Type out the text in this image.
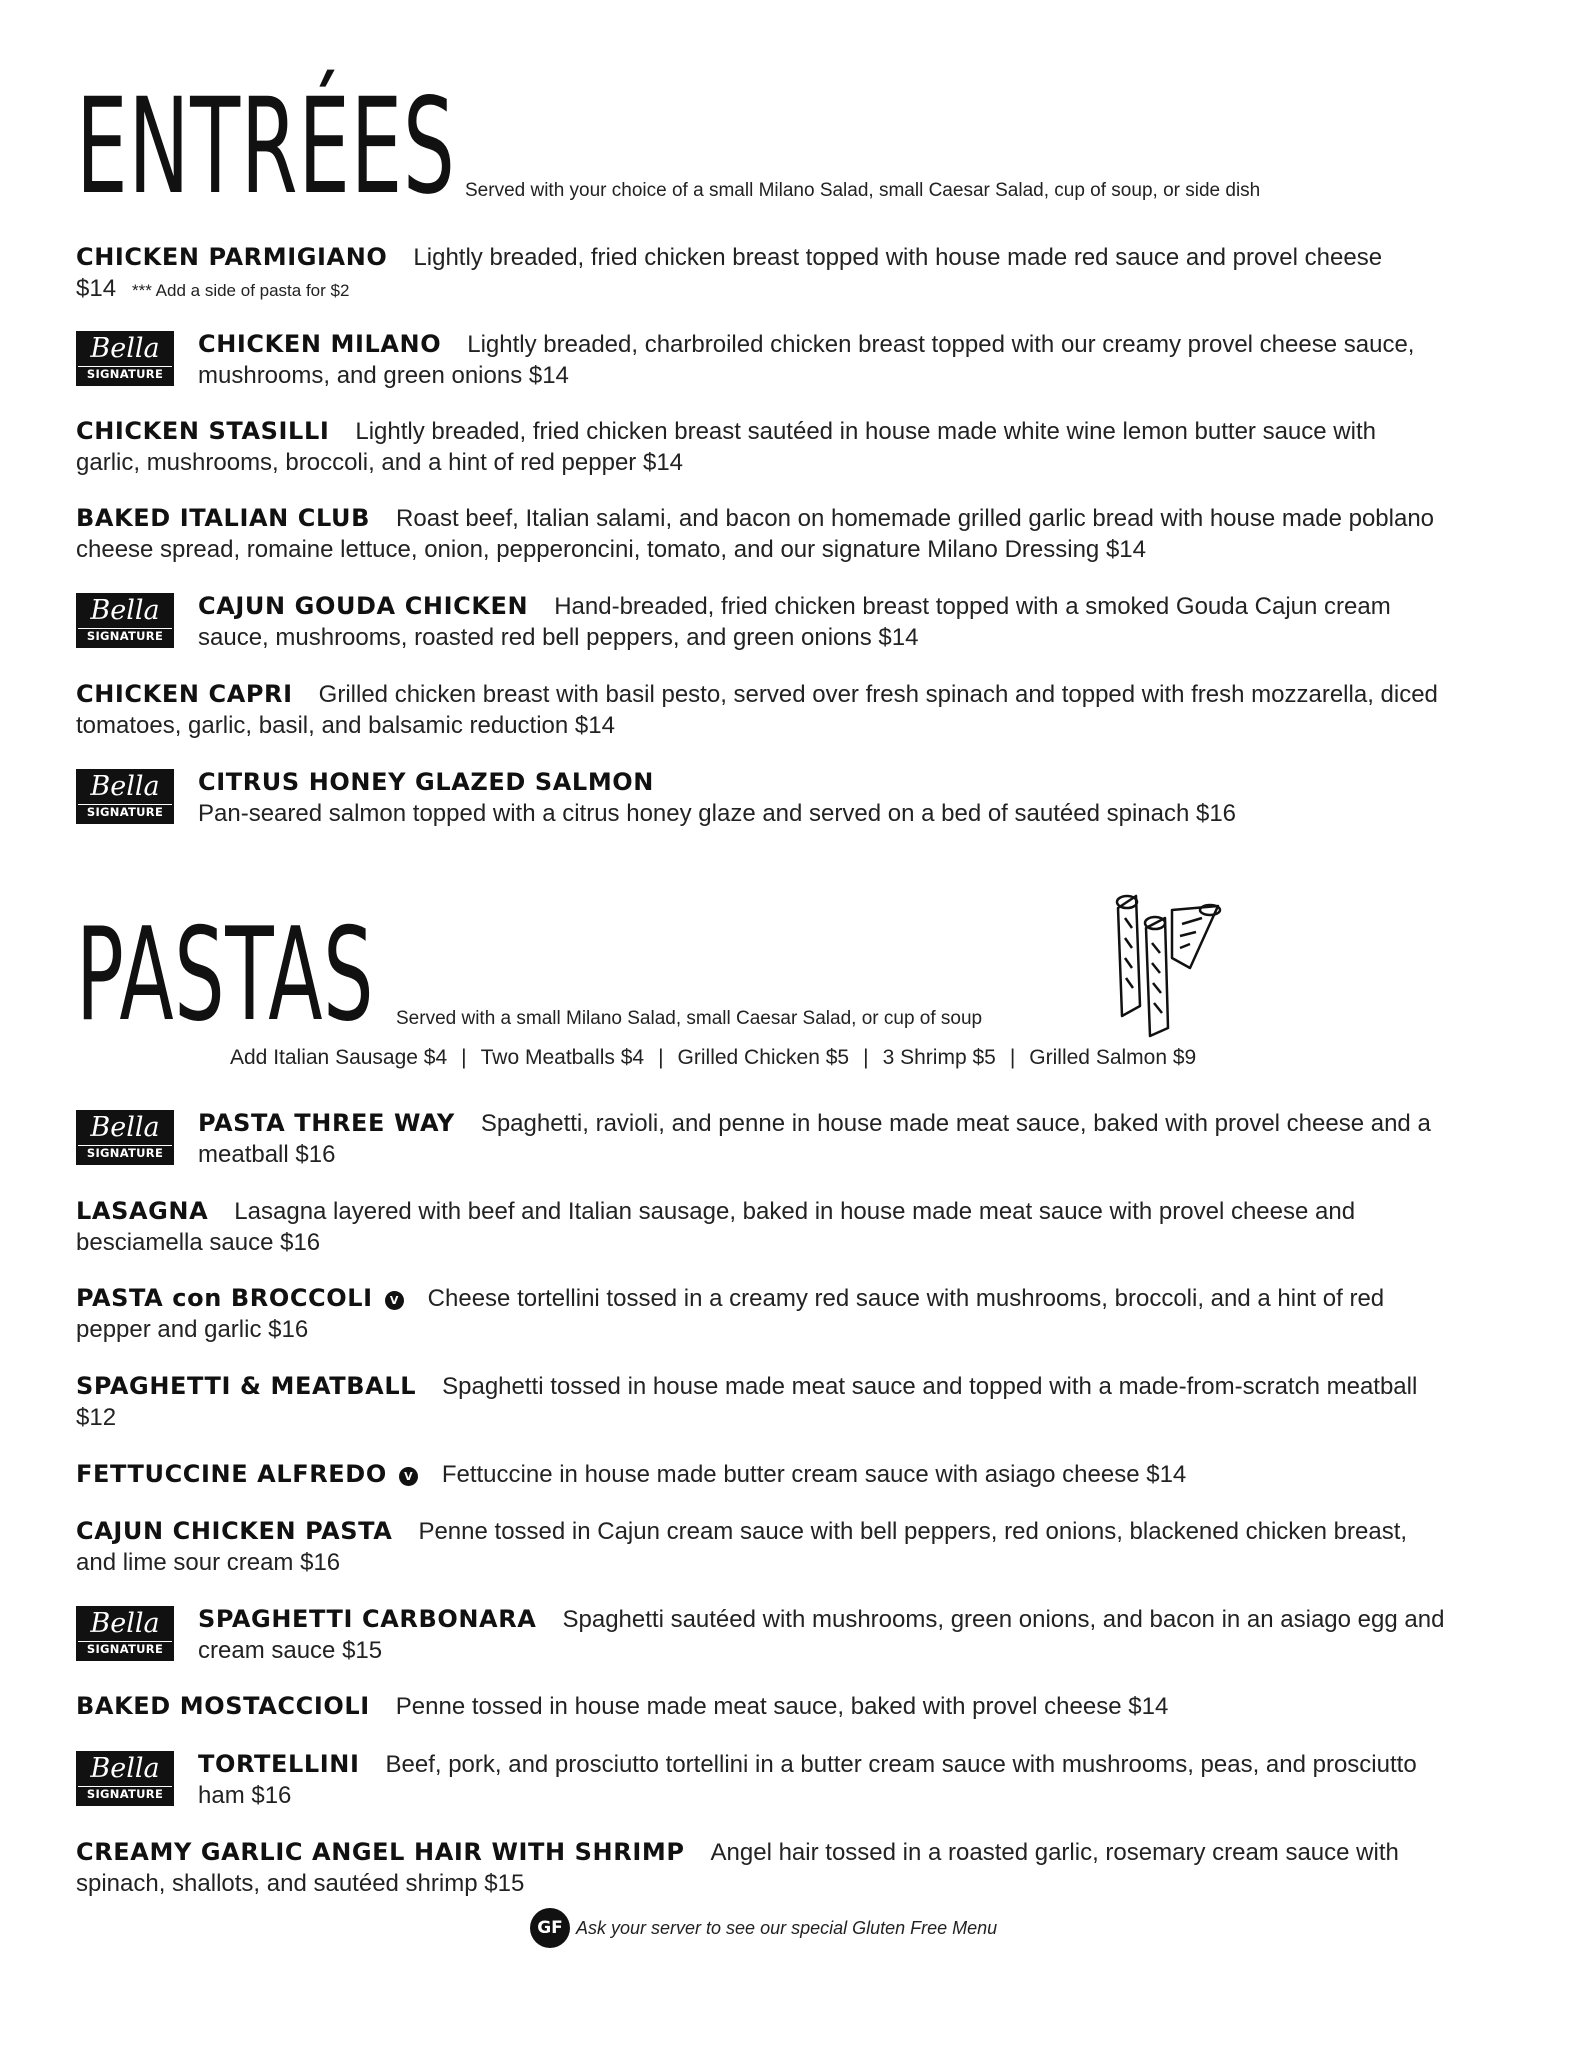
ENTRÉES Served with your choice of a small Milano Salad, small Caesar Salad, cup of soup, or side dish
CHICKEN PARMIGIANO Lightly breaded, fried chicken breast topped with house made red sauce and provel cheese
$14 *** Add a side of pasta for $2
Bella
SIGNATURE
CHICKEN MILANO Lightly breaded, charbroiled chicken breast topped with our creamy provel cheese sauce, mushrooms, and green onions $14
CHICKEN STASILLI Lightly breaded, fried chicken breast sautéed in house made white wine lemon butter sauce with garlic, mushrooms, broccoli, and a hint of red pepper $14
BAKED ITALIAN CLUB Roast beef, Italian salami, and bacon on homemade grilled garlic bread with house made poblano cheese spread, romaine lettuce, onion, pepperoncini, tomato, and our signature Milano Dressing $14
Bella
SIGNATURE
CAJUN GOUDA CHICKEN Hand-breaded, fried chicken breast topped with a smoked Gouda Cajun cream sauce, mushrooms, roasted red bell peppers, and green onions $14
CHICKEN CAPRI Grilled chicken breast with basil pesto, served over fresh spinach and topped with fresh mozzarella, diced tomatoes, garlic, basil, and balsamic reduction $14
Bella
SIGNATURE
CITRUS HONEY GLAZED SALMON
Pan-seared salmon topped with a citrus honey glaze and served on a bed of sautéed spinach $16
PASTAS Served with a small Milano Salad, small Caesar Salad, or cup of soup
Add Italian Sausage $4 | Two Meatballs $4 | Grilled Chicken $5 | 3 Shrimp $5 | Grilled Salmon $9
Bella
SIGNATURE
PASTA THREE WAY Spaghetti, ravioli, and penne in house made meat sauce, baked with provel cheese and a meatball $16
LASAGNA Lasagna layered with beef and Italian sausage, baked in house made meat sauce with provel cheese and besciamella sauce $16
PASTA con BROCCOLI V Cheese tortellini tossed in a creamy red sauce with mushrooms, broccoli, and a hint of red pepper and garlic $16
SPAGHETTI & MEATBALL Spaghetti tossed in house made meat sauce and topped with a made-from-scratch meatball $12
FETTUCCINE ALFREDO V Fettuccine in house made butter cream sauce with asiago cheese $14
CAJUN CHICKEN PASTA Penne tossed in Cajun cream sauce with bell peppers, red onions, blackened chicken breast, and lime sour cream $16
Bella
SIGNATURE
SPAGHETTI CARBONARA Spaghetti sautéed with mushrooms, green onions, and bacon in an asiago egg and cream sauce $15
BAKED MOSTACCIOLI Penne tossed in house made meat sauce, baked with provel cheese $14
Bella
SIGNATURE
TORTELLINI Beef, pork, and prosciutto tortellini in a butter cream sauce with mushrooms, peas, and prosciutto ham $16
CREAMY GARLIC ANGEL HAIR WITH SHRIMP Angel hair tossed in a roasted garlic, rosemary cream sauce with spinach, shallots, and sautéed shrimp $15
GF Ask your server to see our special Gluten Free Menu
